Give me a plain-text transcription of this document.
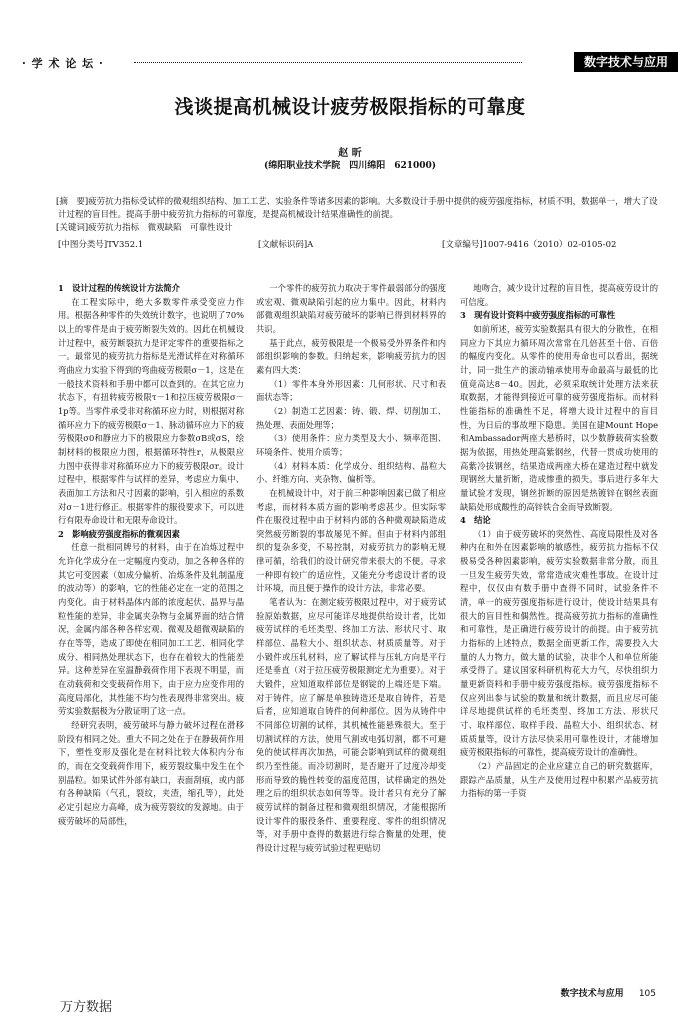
· 学 术 论 坛 ·	数字技术与应用
浅谈提高机械设计疲劳极限指标的可靠度
赵 昕
(绵阳职业技术学院　四川绵阳　621000)

[摘　要]疲劳抗力指标受试样的微观组织结构、加工工艺、实验条件等诸多因素的影响。大多数设计手册中提供的疲劳强度指标，材质不明，数据单一，增大了设计过程的盲目性。提高手册中疲劳抗力指标的可靠度，是提高机械设计结果准确性的前提。

[关键词]疲劳抗力指标　微观缺陷　可靠性设计

[中图分类号]TV352.1	[文献标识码]A	[文章编号]1007-9416（2010）02-0105-02

1　设计过程的传统设计方法简介

在工程实际中，绝大多数零件承受变应力作用。根据各种零件的失效统计数字，也说明了70%以上的零件是由于疲劳断裂失效的。因此在机械设计过程中，疲劳断裂抗力是评定零件的重要指标之一。最常见的疲劳抗力指标是光滑试样在对称循环弯曲应力实验下得到的弯曲疲劳极限σ－1，这是在一般技术资料和手册中都可以查到的。在其它应力状态下，有扭转疲劳极限τ－1和拉压疲劳极限σ－1p等。当零件承受非对称循环应力时，则根据对称循环应力下的疲劳极限σ－1、脉动循环应力下的疲劳极限σ0和静应力下的极限应力参数σB或σS，绘制材料的极限应力图，根据循环特性r，从极限应力图中获得非对称循环应力下的疲劳极限σr。设计过程中，根据零件与试样的差异，考虑应力集中、表面加工方法和尺寸因素的影响，引入相应的系数对σ－1进行修正。根据零件的服役要求下，可以进行有限寿命设计和无限寿命设计。

2　影响疲劳强度指标的微观因素

任意一批相同牌号的材料，由于在冶炼过程中允许化学成分在一定幅度内变动，加之各种各样的其它可变因素（如成分偏析、冶炼条件及轧制温度的波动等）的影响，它的性能必定在一定的范围之内变化。由于材料晶体内部的浓度起伏、晶界与晶粒性能的差异，非金属夹杂物与金属界面的结合情况，金属内部各种各样宏观、微观及超微观缺陷的存在等等，造成了即使在相同加工工艺、相同化学成分、相同热处理状态下，也存在着较大的性能差异。这种差异在室温静载荷作用下表现不明显，而在动载荷和交变载荷作用下，由于应力应变作用的高度局部化，其性能不均匀性表现得非常突出。疲劳实验数据极为分散证明了这一点。

经研究表明，疲劳破坏与静力破坏过程在滑移阶段有相同之处。重大不同之处在于在静载荷作用下，塑性变形及强化是在材料比较大体积内分布的，而在交变载荷作用下，疲劳裂纹集中发生在个别晶粒。如果试件外部有缺口，表面刮痕，或内部有各种缺陷（气孔，裂纹，夹渣，缩孔等），此处必定引起应力高峰，成为疲劳裂纹的发源地。由于疲劳破坏的局部性，

一个零件的疲劳抗力取决于零件最弱部分的强度或宏观、微观缺陷引起的应力集中。因此，材料内部微观组织缺陷对疲劳破坏的影响已得到材料界的共识。

基于此点，疲劳极限是一个极易受外界条件和内部组织影响的参数。归纳起来，影响疲劳抗力的因素有四大类：

（1）零件本身外形因素：几何形状、尺寸和表面状态等；

（2）制造工艺因素：铸、锻、焊、切削加工、热处理、表面处理等；

（3）使用条件：应力类型及大小、频率范围、环境条件、使用介质等；

（4）材料本质：化学成分、组织结构、晶粒大小、纤维方向、夹杂物、偏析等。

在机械设计中，对于前三种影响因素已做了相应考虑，而材料本质方面的影响考虑甚少。但实际零件在服役过程中由于材料内部的各种微观缺陷造成突然疲劳断裂的事故屡见不鲜。但由于材料内部组织的复杂多变，不易控制，对疲劳抗力的影响无规律可循，给我们的设计研究带来很大的不便。寻求一种即有较广的适应性，又能充分考虑设计者的设计环境，而且便于操作的设计方法，非常必要。

笔者认为：在测定疲劳极限过程中，对于疲劳试验原始数据，应尽可能详尽地提供给设计者，比如疲劳试样的毛坯类型、终加工方法、形状尺寸、取样部位、晶粒大小、组织状态、材质质量等。对于小锻件或压轧材料，应了解试样与压轧方向是平行还是垂直（对于拉压疲劳极限测定尤为重要）。对于大锻件，应知道取样部位是钢锭的上端还是下端。对于铸件，应了解是单独铸造还是取自铸件，若是后者，应知道取自铸件的何种部位。因为从铸件中不同部位切割的试样，其机械性能悬殊很大。至于切割试样的方法，使用气割或电弧切割，都不可避免的使试样再次加热，可能会影响到试样的微观组织乃至性能。而冷切割时，是否避开了过度冷却变形而导致的脆性转变的温度范围，试样确定的热处理之后的组织状态如何等等。设计者只有充分了解疲劳试样的制备过程和微观组织情况，才能根据所设计零件的服役条件、重要程度、零件的组织情况等，对手册中查得的数据进行综合衡量的处理，使得设计过程与疲劳试验过程更贴切

地吻合，减少设计过程的盲目性，提高疲劳设计的可信度。

3　现有设计资料中疲劳强度指标的可靠性

如前所述，疲劳实验数据具有很大的分散性，在相同应力下其应力循环周次常常在几倍甚至十倍、百倍的幅度内变化。从零件的使用寿命也可以看出，据统计，同一批生产的滚动轴承使用寿命最高与最低的比值竟高达8－40。因此，必须采取统计处理方法来获取数据，才能得到接近可靠的疲劳强度指标。而材料性能指标的准确性不足，将增大设计过程中的盲目性，为日后的事故埋下隐患。美国在建Mount Hope和Ambassador两座大悬桥时，以少数静载荷实验数据为依据，用热处理高紫钢丝，代替一贯成功使用的高紫冷拔钢丝，结果造成两座大桥在建造过程中就发现钢丝大量折断，造成惨重的损失。事后进行多年大量试验才发现，钢丝折断的原因是热镀锌在钢丝表面缺陷处形成酸性的高锌铁合金而导致断裂。

4　结论

（1）由于疲劳破坏的突然性、高度局限性及对各种内在和外在因素影响的敏感性，疲劳抗力指标不仅极易受各种因素影响，疲劳实验数据非常分散，而且一旦发生疲劳失效，常常造成灾难性事故。在设计过程中，仅仅由有数手册中查得不同时，试验条件不清，单一的疲劳强度指标进行设计，使设计结果具有很大的盲目性和偶然性。提高疲劳抗力指标的准确性和可靠性，是正确进行疲劳设计的前提。由于疲劳抗力指标的上述特点，数据全面更新工作，需要投入大量的人力物力，做大量的试验，决非个人和单位所能承受得了。建议国家科研机构花大力气，尽快组织力量更新资料和手册中疲劳强度指标。疲劳强度指标不仅应列出参与试验的数量和统计数据，而且应尽可能详尽地提供试样的毛坯类型、终加工方法、形状尺寸、取样部位、取样手段、晶粒大小、组织状态、材质质量等，设计方法尽快采用可靠性设计，才能增加疲劳极限指标的可靠性，提高疲劳设计的准确性。

（2）产品固定的企业应建立自己的研究数据库，跟踪产品质量，从生产及使用过程中积累产品疲劳抗力指标的第一手资

万方数据
数字技术与应用 105
